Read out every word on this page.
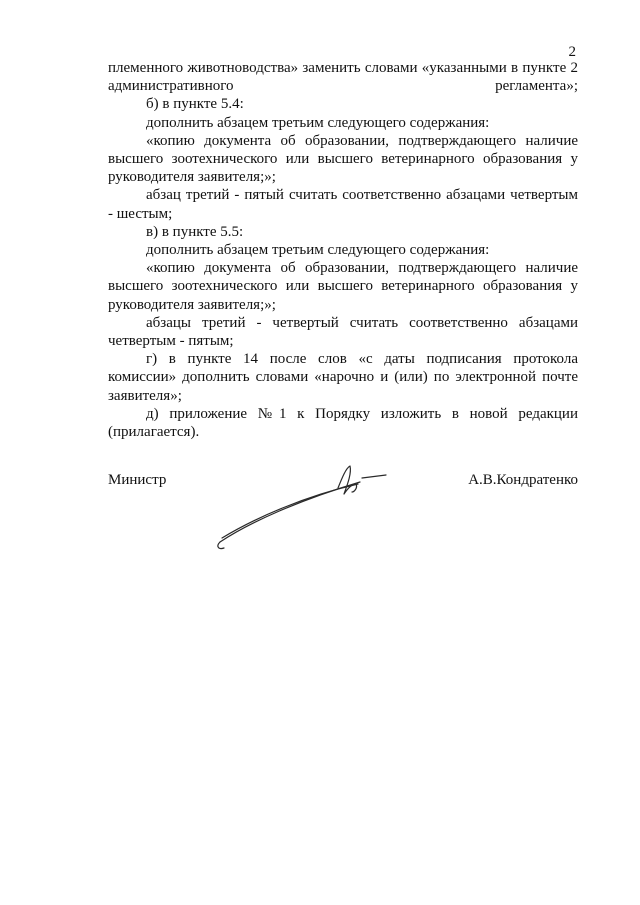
2

племенного животноводства» заменить словами «указанными в пункте 2 административного регламента»;

б) в пункте 5.4:

дополнить абзацем третьим следующего содержания:

«копию документа об образовании, подтверждающего наличие высшего зоотехнического или высшего ветеринарного образования у руководителя заявителя;»;

абзац третий - пятый считать соответственно абзацами четвертым - шестым;

в) в пункте 5.5:

дополнить абзацем третьим следующего содержания:

«копию документа об образовании, подтверждающего наличие высшего зоотехнического или высшего ветеринарного образования у руководителя заявителя;»;

абзацы третий - четвертый считать соответственно абзацами четвертым - пятым;

г) в пункте 14 после слов «с даты подписания протокола комиссии» дополнить словами «нарочно и (или) по электронной почте заявителя»;

д) приложение №1 к Порядку изложить в новой редакции (прилагается).

Министр	А.В.Кондратенко
